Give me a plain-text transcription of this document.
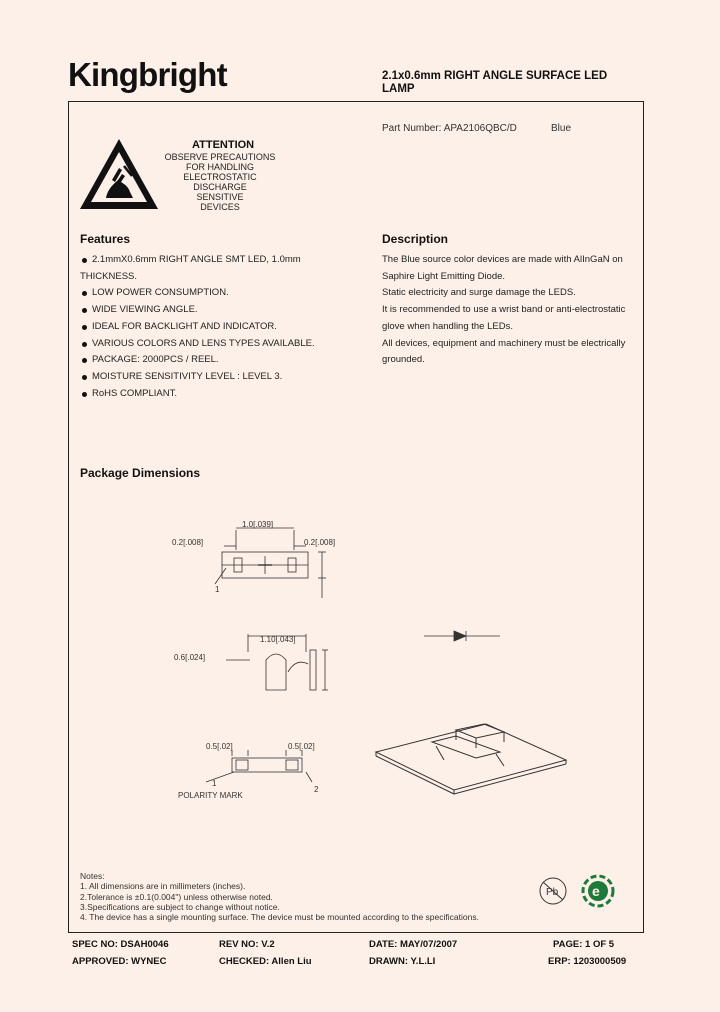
Kingbright	2.1x0.6mm RIGHT ANGLE SURFACE LED
LAMP
Part Number: APA2106QBC/D	Blue
ATTENTION
OBSERVE PRECAUTIONS
FOR HANDLING
ELECTROSTATIC
DISCHARGE
SENSITIVE
DEVICES
Features
2.1mmX0.6mm RIGHT ANGLE SMT LED, 1.0mm
THICKNESS.
LOW POWER CONSUMPTION.
WIDE VIEWING ANGLE.
IDEAL FOR BACKLIGHT AND INDICATOR.
VARIOUS COLORS AND LENS TYPES AVAILABLE.
PACKAGE: 2000PCS / REEL.
MOISTURE SENSITIVITY LEVEL : LEVEL 3.
RoHS COMPLIANT.
Description
The Blue source color devices are made with AlInGaN on
Saphire Light Emitting Diode.
Static electricity and surge damage the LEDS.
It is recommended to use a wrist band or anti-electrostatic
glove when handling the LEDs.
All devices, equipment and machinery must be electrically
grounded.
Package Dimensions
1.0[.039]
0.2[.008]	0.2[.008]
1
1.10[.043]
0.6[.024]
0.5[.02]	0.5[.02]
1
2
POLARITY MARK
Notes:
1. All dimensions are in millimeters (inches).
2.Tolerance is ±0.1(0.004") unless otherwise noted.
3.Specifications are subject to change without notice.
4. The device has a single mounting surface. The device must be mounted according to the specifications.
Pb e
SPEC NO: DSAH0046	REV NO: V.2	DATE: MAY/07/2007	PAGE: 1 OF 5
APPROVED: WYNEC	CHECKED: Allen Liu	DRAWN: Y.L.LI	ERP: 1203000509
